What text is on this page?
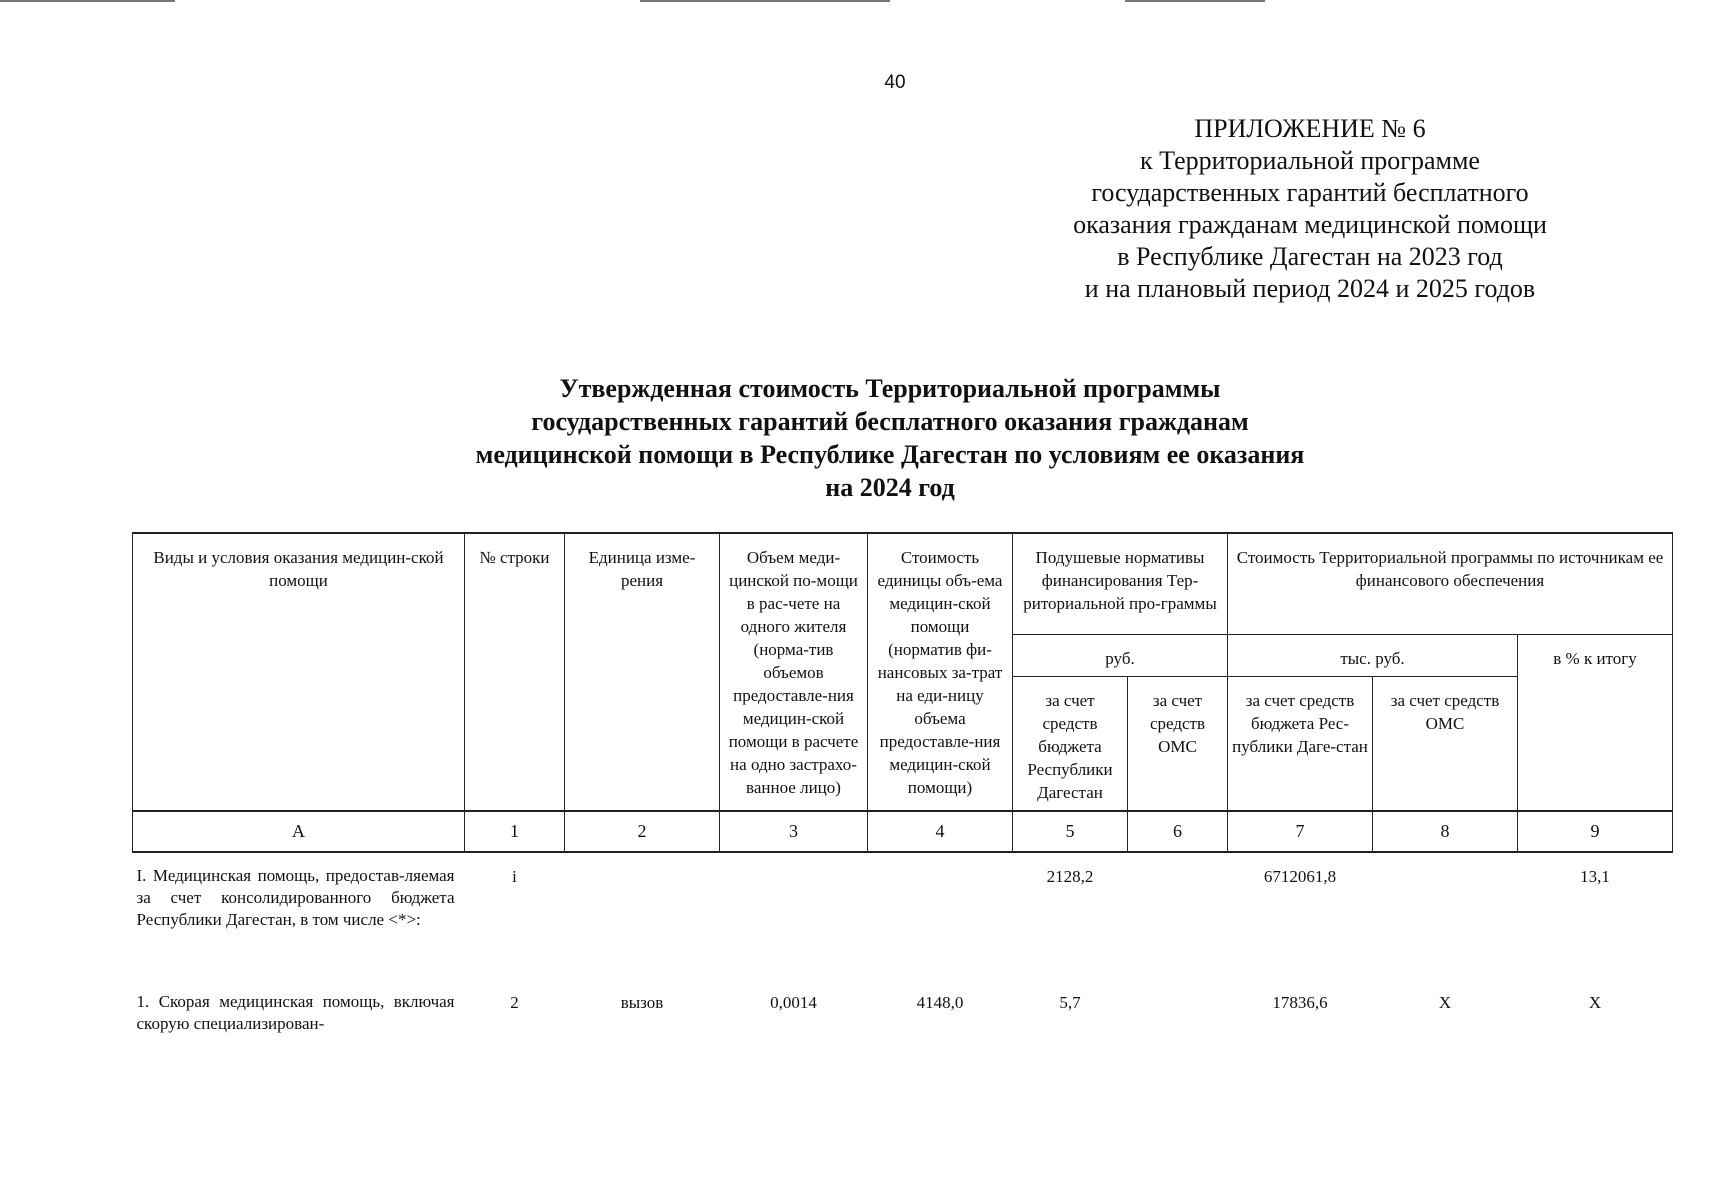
40
ПРИЛОЖЕНИЕ № 6
к Территориальной программе
государственных гарантий бесплатного
оказания гражданам медицинской помощи
в Республике Дагестан на 2023 год
и на плановый период 2024 и 2025 годов
Утвержденная стоимость Территориальной программы
государственных гарантий бесплатного оказания гражданам
медицинской помощи в Республике Дагестан по условиям ее оказания
на 2024 год
Виды и условия оказания медицин-ской помощи	№ строки	Единица изме-рения	Объем меди-цинской по-мощи в рас-чете на одного жителя (норма-тив объемов предоставле-ния медицин-ской помощи в расчете на одно застрахо-ванное лицо)	Стоимость единицы объ-ема медицин-ской помощи (норматив фи-нансовых за-трат на еди-ницу объема предоставле-ния медицин-ской помощи)	Подушевые нормативы финансирования Тер-риториальной про-граммы		Стоимость Территориальной программы по источникам ее финансового обеспечения		
					руб.		тыс. руб.		в % к итогу
					за счет средств бюджета Республики Дагестан	за счет средств ОМС	за счет средств бюджета Рес-публики Даге-стан	за счет средств ОМС	
А	1	2	3	4	5	6	7	8	9
I. Медицинская помощь, предостав-ляемая за счет консолидированного бюджета Республики Дагестан, в том числе <*>:	i				2128,2		6712061,8		13,1
1. Скорая медицинская помощь, включая скорую специализирован-	2	вызов	0,0014	4148,0	5,7		17836,6	Х	Х
